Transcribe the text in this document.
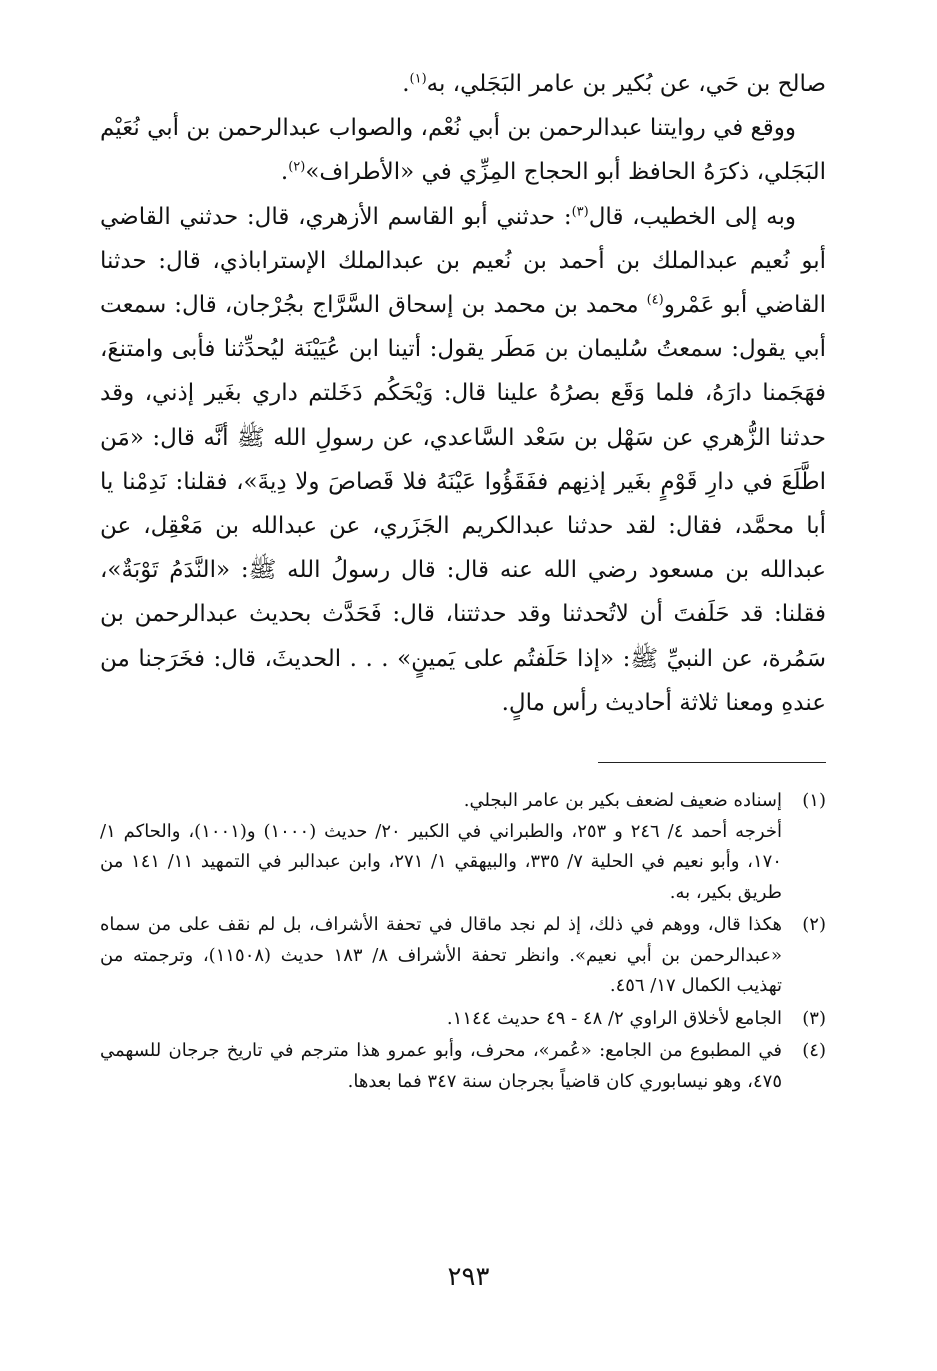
صالح بن حَي، عن بُكير بن عامر البَجَلي، به$^{(١)}$.

ووقع في روايتنا عبدالرحمن بن أبي نُعْم، والصواب عبدالرحمن بن أبي نُعَيْم البَجَلي، ذكرَهُ الحافظ أبو الحجاج المِزِّي في «الأطراف»$^{(٢)}$.

وبه إلى الخطيب، قال$^{(٣)}$: حدثني أبو القاسم الأزهري، قال: حدثني القاضي أبو نُعيم عبدالملك بن أحمد بن نُعيم بن عبدالملك الإستراباذي، قال: حدثنا القاضي أبو عَمْرو$^{(٤)}$ محمد بن محمد بن إسحاق السَّرَّاج بجُرْجان، قال: سمعت أبي يقول: سمعتُ سُليمان بن مَطَر يقول: أتينا ابن عُيَيْنَة ليُحدِّثنا فأبى وامتنعَ، فهَجَمنا دارَهُ، فلما وَقَع بصرُهُ علينا قال: وَيْحَكُم دَخَلتم داري بغَير إذني، وقد حدثنا الزُّهري عن سَهْل بن سَعْد السَّاعدي، عن رسولِ الله ﷺ أنَّه قال: «مَن اطَّلَعَ في دارِ قَوْمٍ بغَير إذنِهم ففَقَؤُوا عَيْنَهُ فلا قَصاصَ ولا دِيةَ»، فقلنا: نَدِمْنا يا أبا محمَّد، فقال: لقد حدثنا عبدالكريم الجَزَري، عن عبدالله بن مَعْقِل، عن عبدالله بن مسعود رضي الله عنه قال: قال رسولُ الله ﷺ: «النَّدَمُ تَوْبَةٌ»، فقلنا: قد حَلَفتَ أن لاتُحدثنا وقد حدثتنا، قال: فَحَدَّث بحديث عبدالرحمن بن سَمُرة، عن النبيِّ ﷺ: «إذا حَلَفتُم على يَمينٍ» . . . الحديثَ، قال: فخَرَجنا من عندهِ ومعنا ثلاثة أحاديث رأس مالٍ.

(١)
إسناده ضعيف لضعف بكير بن عامر البجلي.
أخرجه أحمد ٤/ ٢٤٦ و ٢٥٣، والطبراني في الكبير ٢٠/ حديث (١٠٠٠) و(١٠٠١)، والحاكم ١/ ١٧٠، وأبو نعيم في الحلية ٧/ ٣٣٥، والبيهقي ١/ ٢٧١، وابن عبدالبر في التمهيد ١١/ ١٤١ من طريق بكير، به.
(٢)
هكذا قال، ووهم في ذلك، إذ لم نجد ماقال في تحفة الأشراف، بل لم نقف على من سماه «عبدالرحمن بن أبي نعيم». وانظر تحفة الأشراف ٨/ ١٨٣ حديث (١١٥٠٨)، وترجمته من تهذيب الكمال ١٧/ ٤٥٦.
(٣)
الجامع لأخلاق الراوي ٢/ ٤٨ - ٤٩ حديث ١١٤٤.
(٤)
في المطبوع من الجامع: «عُمر»، محرف، وأبو عمرو هذا مترجم في تاريخ جرجان للسهمي ٤٧٥، وهو نيسابوري كان قاضياً بجرجان سنة ٣٤٧ فما بعدها.
٢٩٣
